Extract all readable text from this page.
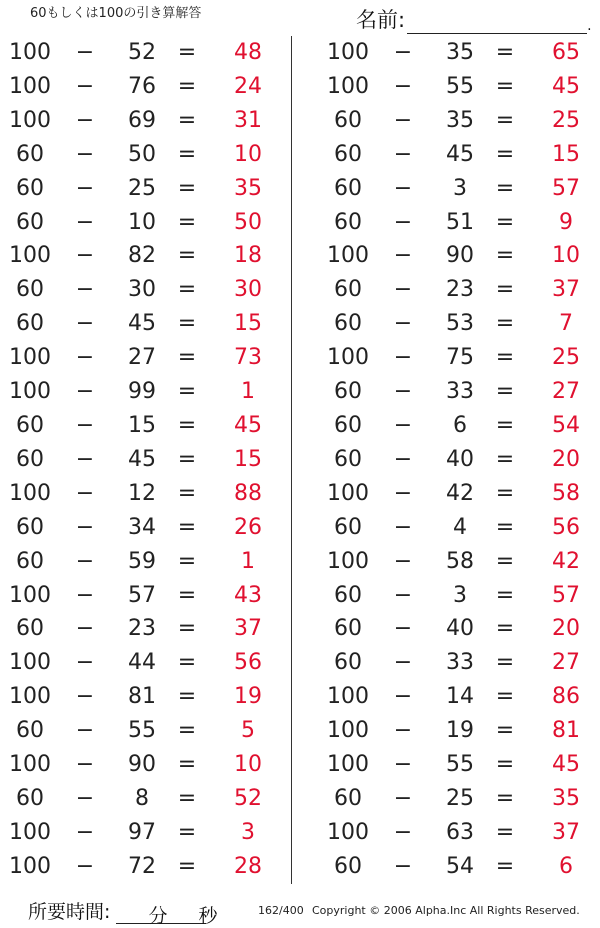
60もしくは100の引き算解答	名前:	.
100	−	52 =	48
100	−	76 =	24
100	−	69 =	31
60	−	50 =	10
60	−	25 =	35
60	−	10 =	50
100	−	82 =	18
60	−	30 =	30
60	−	45 =	15
100	−	27 =	73
100	−	99 =	1
60	−	15 =	45
60	−	45 =	15
100	−	12 =	88
60	−	34 =	26
60	−	59 =	1
100	−	57 =	43
60	−	23 =	37
100	−	44 =	56
100	−	81 =	19
60	−	55 =	5
100	−	90 =	10
60	−	8	=	52
100	−	97 =	3
100	−	72 =	28
100	−	35 =	65
100	−	55 =	45
60	−	35 =	25
60	−	45 =	15
60	−	3	=	57
60	−	51 =	9
100	−	90 =	10
60	−	23 =	37
60	−	53 =	7
100	−	75 =	25
60	−	33 =	27
60	−	6	=	54
60	−	40 =	20
100	−	42 =	58
60	−	4	=	56
100	−	58 =	42
60	−	3	=	57
60	−	40 =	20
60	−	33 =	27
100	−	14 =	86
100	−	19 =	81
100	−	55 =	45
60	−	25 =	35
100	−	63 =	37
60	−	54 =	6
所要時間: 分 秒	162/400 Copyright © 2006 Alpha.Inc All Rights Reserved.
